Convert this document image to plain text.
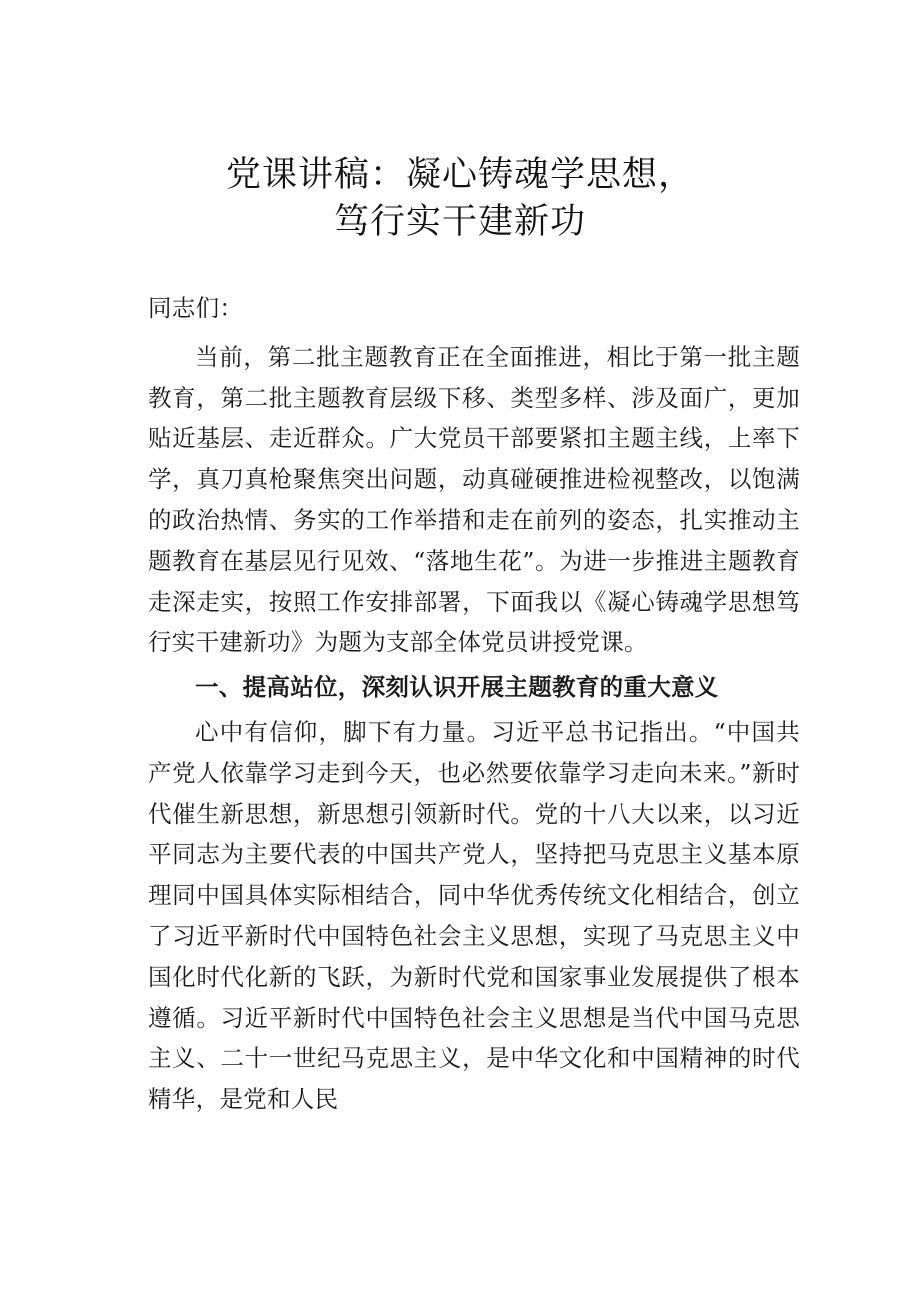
党课讲稿：凝心铸魂学思想，
笃行实干建新功

同志们：

当前，第二批主题教育正在全面推进，相比于第一批主题教育，第二批主题教育层级下移、类型多样、涉及面广，更加贴近基层、走近群众。广大党员干部要紧扣主题主线，上率下学，真刀真枪聚焦突出问题，动真碰硬推进检视整改，以饱满的政治热情、务实的工作举措和走在前列的姿态，扎实推动主题教育在基层见行见效、“落地生花”。为进一步推进主题教育走深走实，按照工作安排部署，下面我以《凝心铸魂学思想笃行实干建新功》为题为支部全体党员讲授党课。

一、提高站位，深刻认识开展主题教育的重大意义

心中有信仰，脚下有力量。习近平总书记指出。“中国共产党人依靠学习走到今天，也必然要依靠学习走向未来。”新时代催生新思想，新思想引领新时代。党的十八大以来，以习近平同志为主要代表的中国共产党人，坚持把马克思主义基本原理同中国具体实际相结合，同中华优秀传统文化相结合，创立了习近平新时代中国特色社会主义思想，实现了马克思主义中国化时代化新的飞跃，为新时代党和国家事业发展提供了根本遵循。习近平新时代中国特色社会主义思想是当代中国马克思主义、二十一世纪马克思主义，是中华文化和中国精神的时代精华，是党和人民
